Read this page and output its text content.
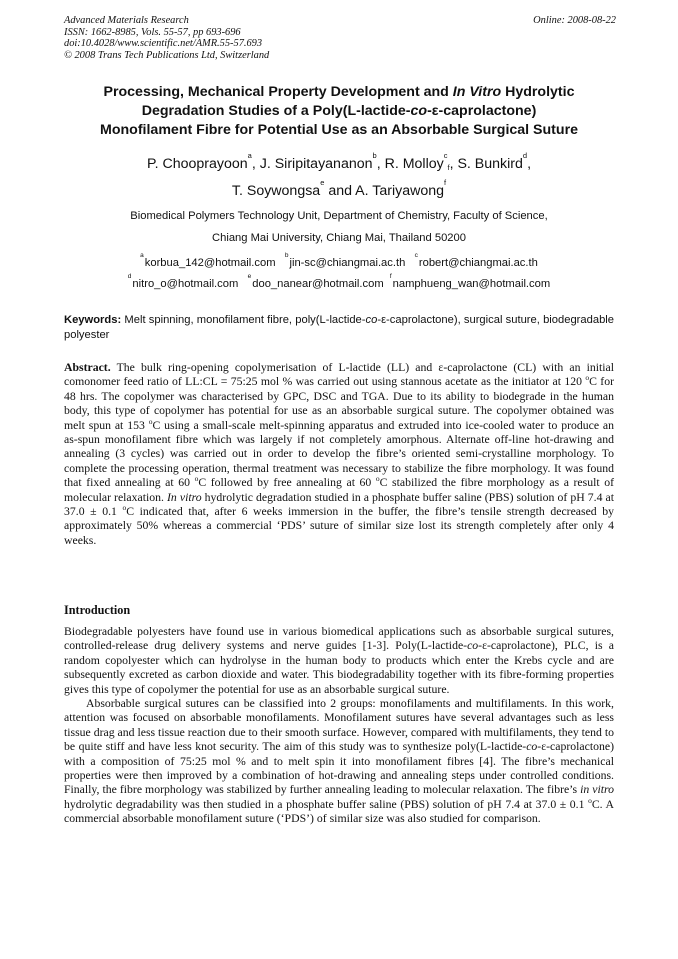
Advanced Materials Research
ISSN: 1662-8985, Vols. 55-57, pp 693-696
doi:10.4028/www.scientific.net/AMR.55-57.693
© 2008 Trans Tech Publications Ltd, Switzerland
Online: 2008-08-22
Processing, Mechanical Property Development and In Vitro Hydrolytic
Degradation Studies of a Poly(L-lactide-co-ε-caprolactone)
Monofilament Fibre for Potential Use as an Absorbable Surgical Suture
P. Chooprayoon$^a$, J. Siripitayananon$^b$, R. Molloy$^c_f$, S. Bunkird$^d$,
T. Soywongsa$^e$ and A. Tariyawong$^f$
Biomedical Polymers Technology Unit, Department of Chemistry, Faculty of Science,
Chiang Mai University, Chiang Mai, Thailand 50200
$^a$korbua_142@hotmail.com   $^b$jin-sc@chiangmai.ac.th   $^c$robert@chiangmai.ac.th
$^d$nitro_o@hotmail.com   $^e$doo_nanear@hotmail.com  $^f$namphueng_wan@hotmail.com
Keywords: Melt spinning, monofilament fibre, poly(L-lactide-co-ε-caprolactone), surgical suture, biodegradable polyester
Abstract. The bulk ring-opening copolymerisation of L-lactide (LL) and ε-caprolactone (CL) with an initial comonomer feed ratio of LL:CL = 75:25 mol % was carried out using stannous acetate as the initiator at 120 $^o$C for 48 hrs. The copolymer was characterised by GPC, DSC and TGA. Due to its ability to biodegrade in the human body, this type of copolymer has potential for use as an absorbable surgical suture. The copolymer obtained was melt spun at 153 $^o$C using a small-scale melt-spinning apparatus and extruded into ice-cooled water to produce an as-spun monofilament fibre which was largely if not completely amorphous. Alternate off-line hot-drawing and annealing (3 cycles) was carried out in order to develop the fibre’s oriented semi-crystalline morphology. To complete the processing operation, thermal treatment was necessary to stabilize the fibre morphology. It was found that fixed annealing at 60 $^o$C followed by free annealing at 60 $^o$C stabilized the fibre morphology as a result of molecular relaxation. In vitro hydrolytic degradation studied in a phosphate buffer saline (PBS) solution of pH 7.4 at 37.0 ± 0.1 $^o$C indicated that, after 6 weeks immersion in the buffer, the fibre’s tensile strength decreased by approximately 50% whereas a commercial ‘PDS’ suture of similar size lost its strength completely after only 4 weeks.
Introduction

Biodegradable polyesters have found use in various biomedical applications such as absorbable surgical sutures, controlled-release drug delivery systems and nerve guides [1-3]. Poly(L-lactide-co-ε-caprolactone), PLC, is a random copolyester which can hydrolyse in the human body to products which enter the Krebs cycle and are subsequently excreted as carbon dioxide and water. This biodegradability together with its fibre-forming properties gives this type of copolymer the potential for use as an absorbable surgical suture.

Absorbable surgical sutures can be classified into 2 groups: monofilaments and multifilaments. In this work, attention was focused on absorbable monofilaments. Monofilament sutures have several advantages such as less tissue drag and less tissue reaction due to their smooth surface. However, compared with multifilaments, they tend to be quite stiff and have less knot security. The aim of this study was to synthesize poly(L-lactide-co-ε-caprolactone) with a composition of 75:25 mol % and to melt spin it into monofilament fibres [4]. The fibre’s mechanical properties were then improved by a combination of hot-drawing and annealing steps under controlled conditions. Finally, the fibre morphology was stabilized by further annealing leading to molecular relaxation. The fibre’s in vitro hydrolytic degradability was then studied in a phosphate buffer saline (PBS) solution of pH 7.4 at 37.0 ± 0.1 $^o$C. A commercial absorbable monofilament suture (‘PDS’) of similar size was also studied for comparison.
